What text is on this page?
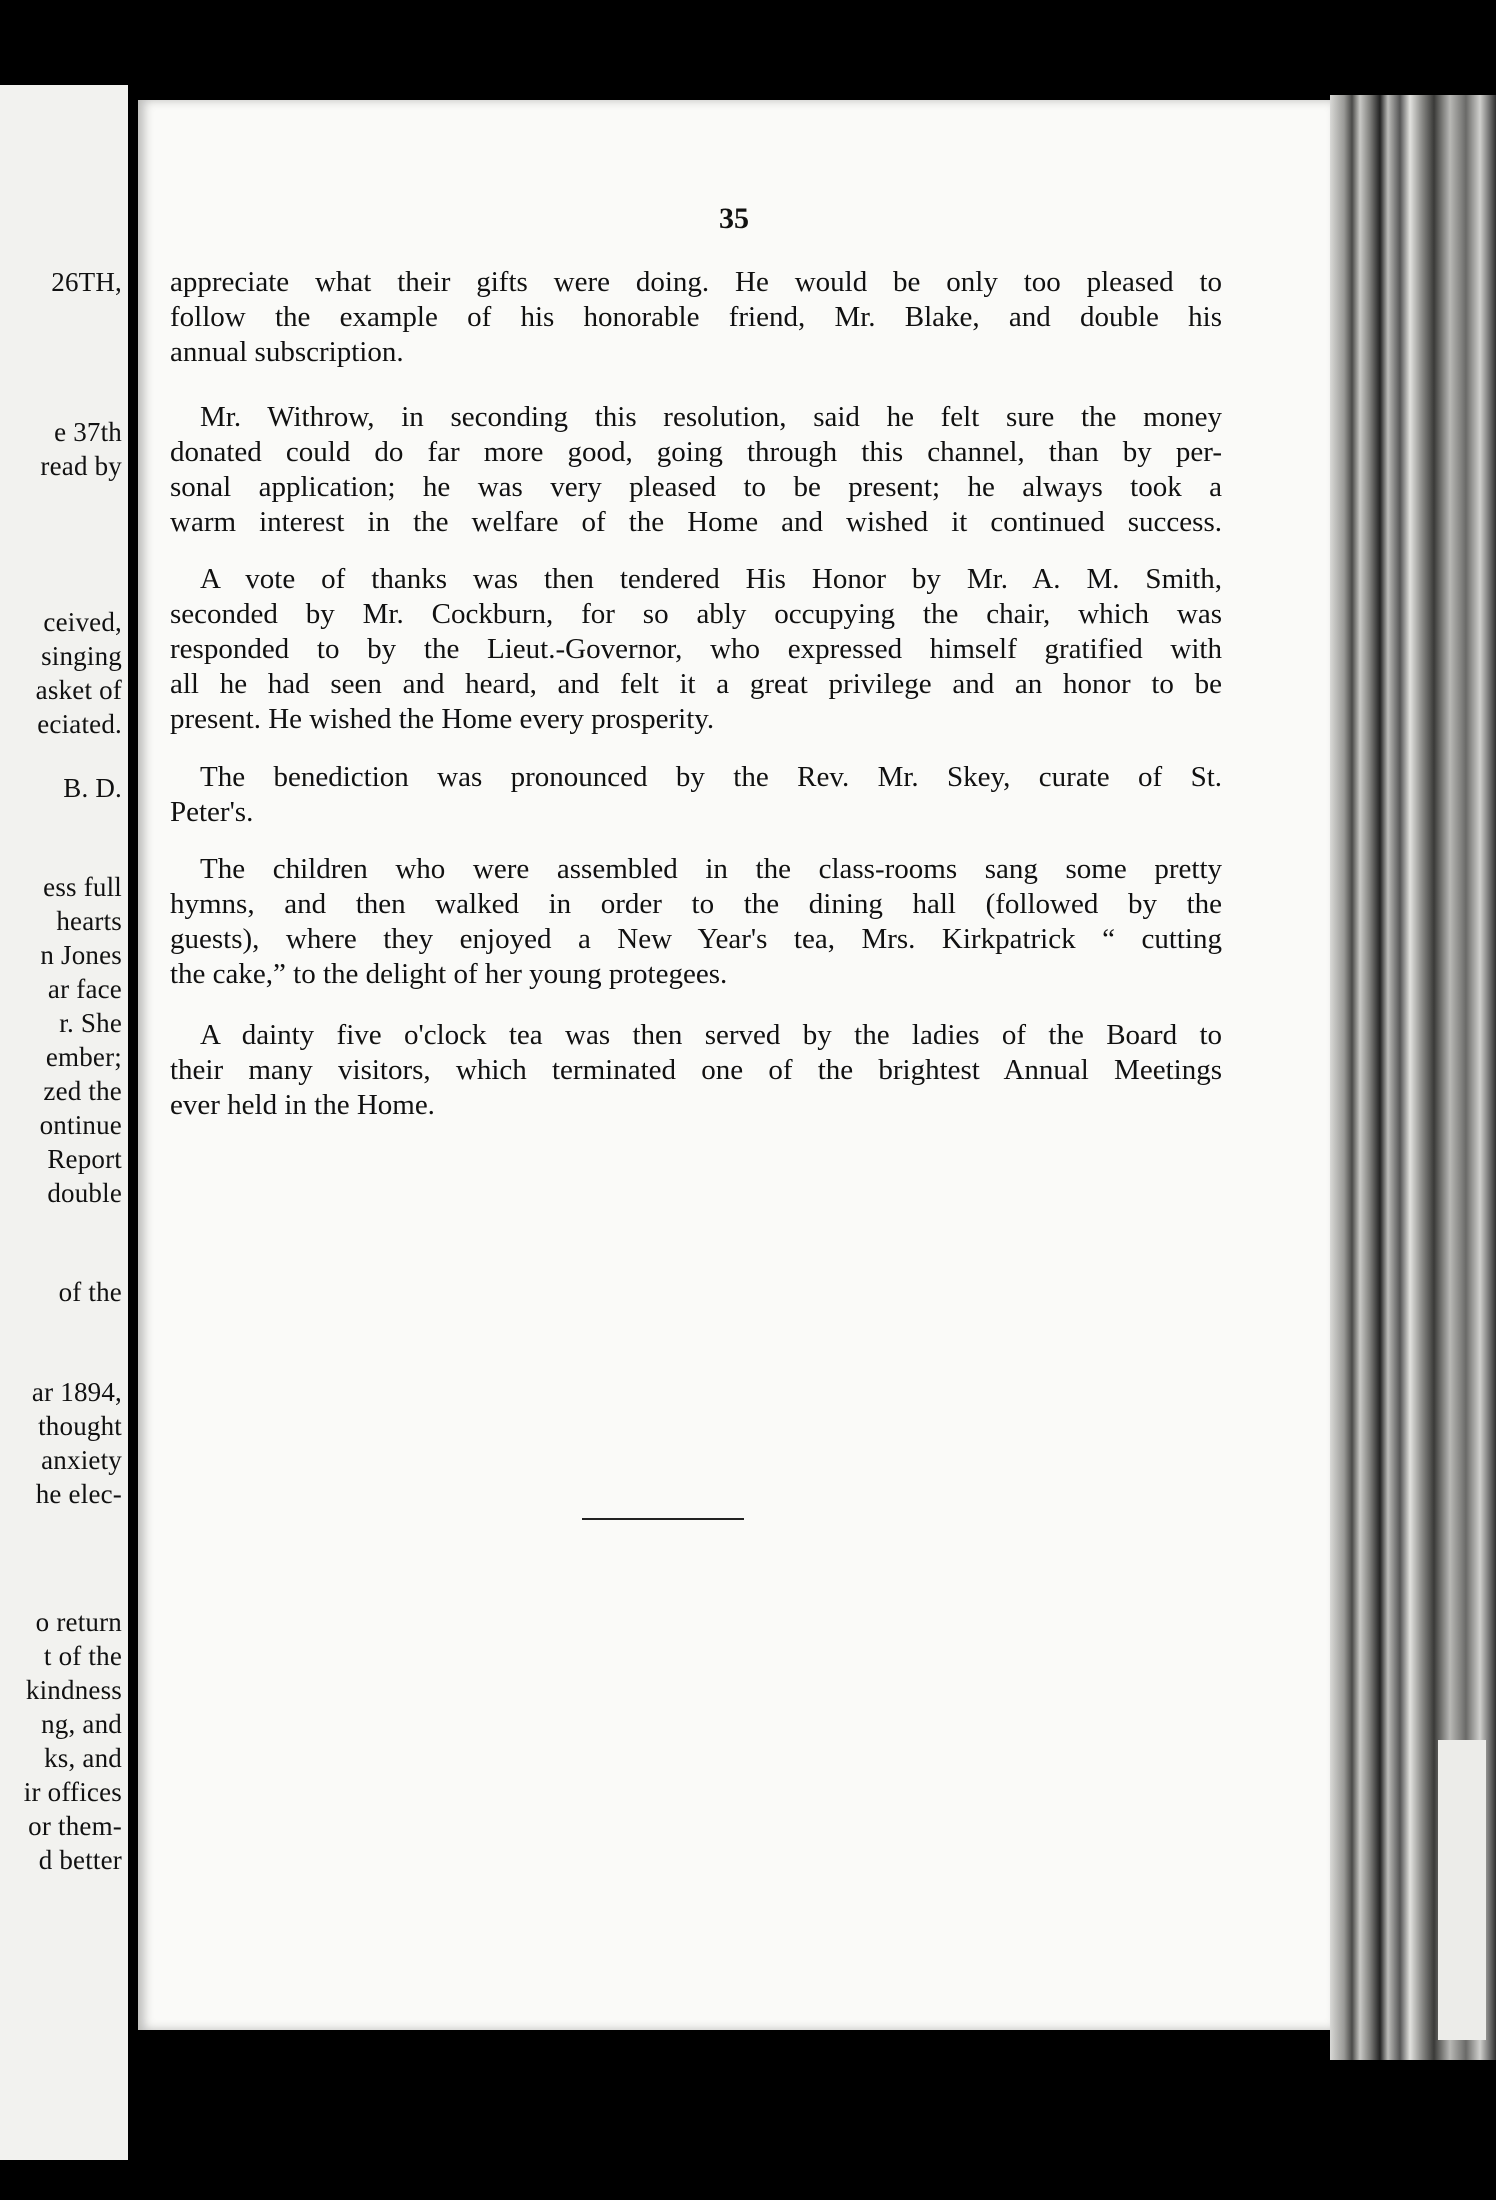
26TH,
e 37th
read by
ceived,
singing
asket of
eciated.
B. D.
ess full
hearts
n Jones
ar face
r. She
ember;
zed the
ontinue
Report
double
of the
ar 1894,
thought
anxiety
he elec-
o return
t of the
kindness
ng, and
ks, and
ir offices
or them-
d better
35
appreciate what their gifts were doing. He would be only too pleased to
follow the example of his honorable friend, Mr. Blake, and double his
annual subscription.
Mr. Withrow, in seconding this resolution, said he felt sure the money
donated could do far more good, going through this channel, than by per-
sonal application; he was very pleased to be present; he always took a
warm interest in the welfare of the Home and wished it continued success.
A vote of thanks was then tendered His Honor by Mr. A. M. Smith,
seconded by Mr. Cockburn, for so ably occupying the chair, which was
responded to by the Lieut.-Governor, who expressed himself gratified with
all he had seen and heard, and felt it a great privilege and an honor to be
present. He wished the Home every prosperity.
The benediction was pronounced by the Rev. Mr. Skey, curate of St.
Peter's.
The children who were assembled in the class-rooms sang some pretty
hymns, and then walked in order to the dining hall (followed by the
guests), where they enjoyed a New Year's tea, Mrs. Kirkpatrick “ cutting
the cake,” to the delight of her young protegees.
A dainty five o'clock tea was then served by the ladies of the Board to
their many visitors, which terminated one of the brightest Annual Meetings
ever held in the Home.
